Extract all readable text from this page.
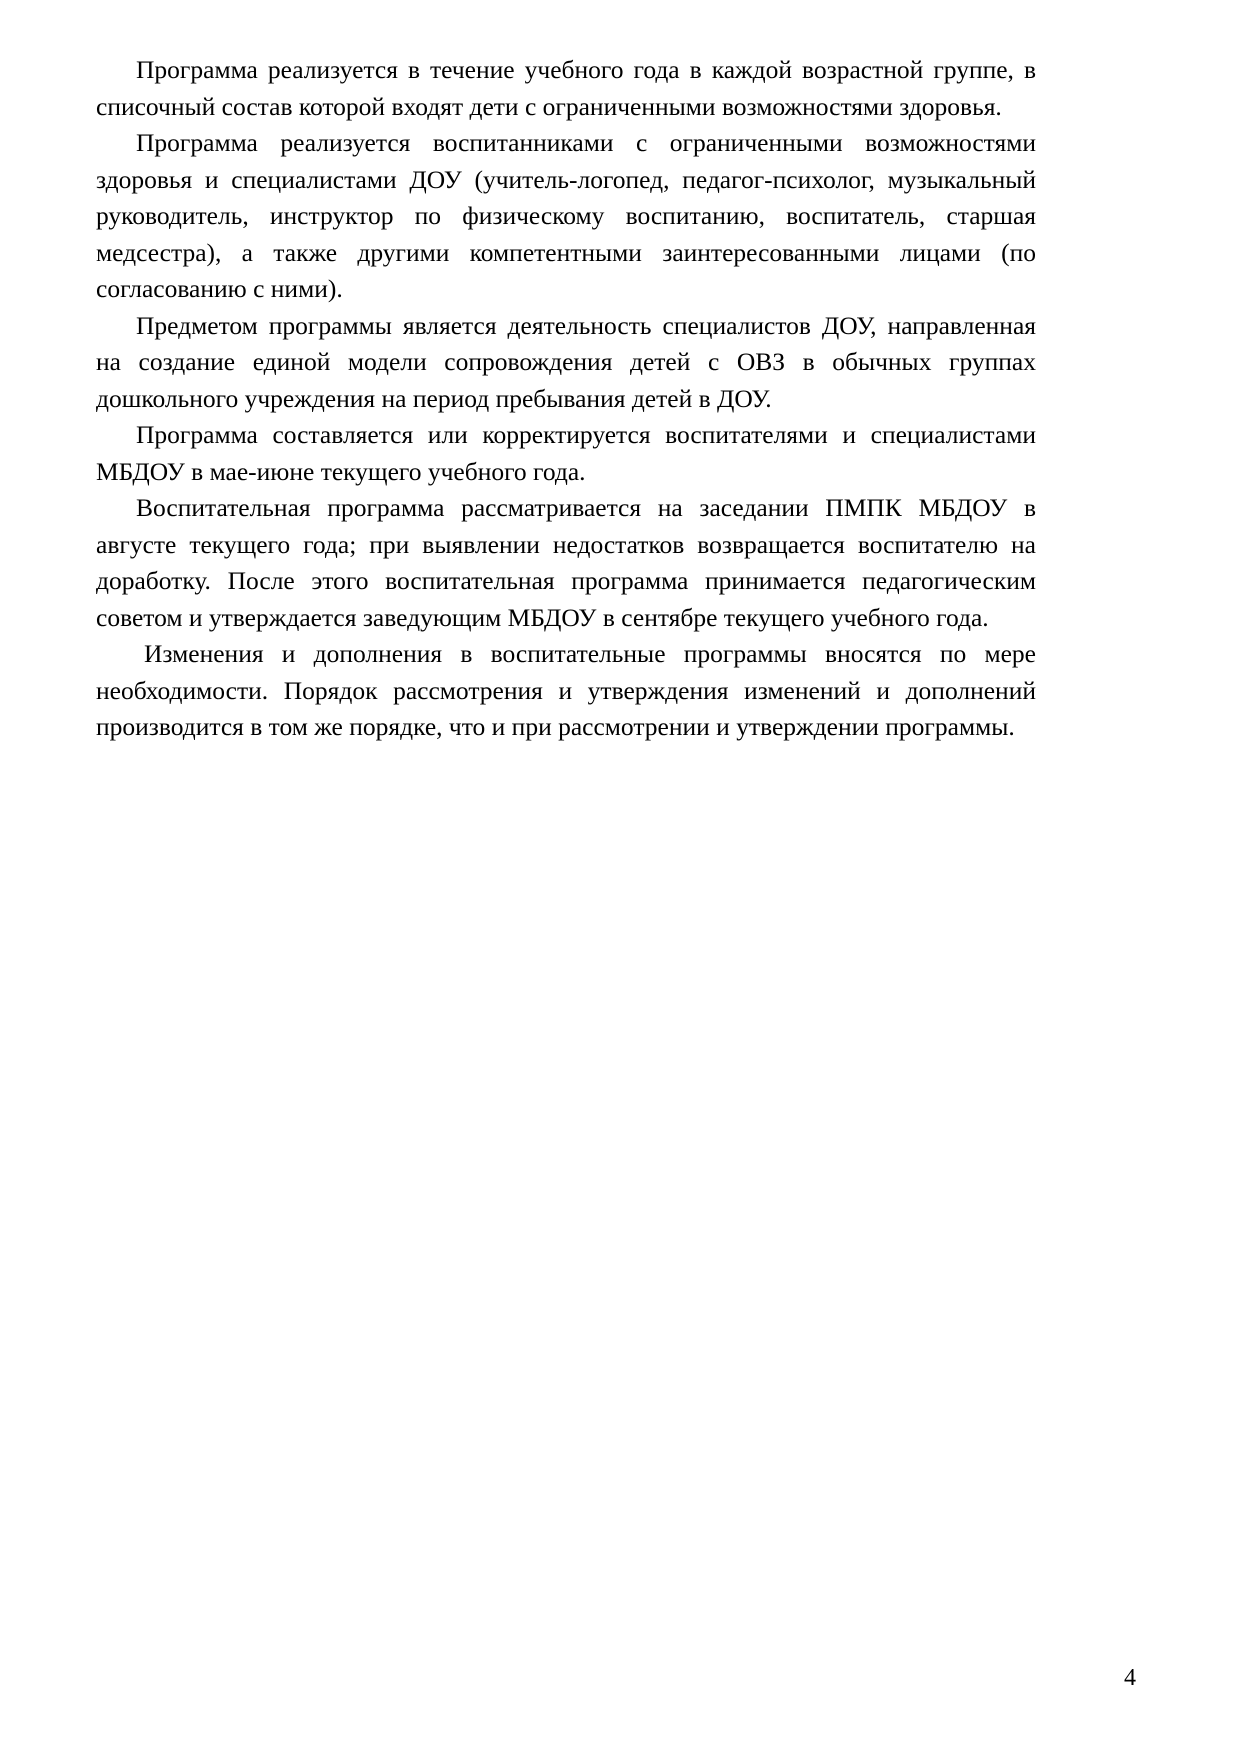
Программа реализуется в течение учебного года в каждой возрастной группе, в списочный состав которой входят дети с ограниченными возможностями здоровья.

Программа реализуется воспитанниками с ограниченными возможностями здоровья и специалистами ДОУ (учитель-логопед, педагог-психолог, музыкальный руководитель, инструктор по физическому воспитанию, воспитатель, старшая медсестра), а также другими компетентными заинтересованными лицами (по согласованию с ними).

Предметом программы является деятельность специалистов ДОУ, направленная на создание единой модели сопровождения детей с ОВЗ в обычных группах дошкольного учреждения на период пребывания детей в ДОУ.

Программа составляется или корректируется воспитателями и специалистами МБДОУ в мае-июне текущего учебного года.

Воспитательная программа рассматривается на заседании ПМПК МБДОУ в августе текущего года; при выявлении недостатков возвращается воспитателю на доработку. После этого воспитательная программа принимается педагогическим советом и утверждается заведующим МБДОУ в сентябре текущего учебного года.

Изменения и дополнения в воспитательные программы вносятся по мере необходимости. Порядок рассмотрения и утверждения изменений и дополнений производится в том же порядке, что и при рассмотрении и утверждении программы.

4
